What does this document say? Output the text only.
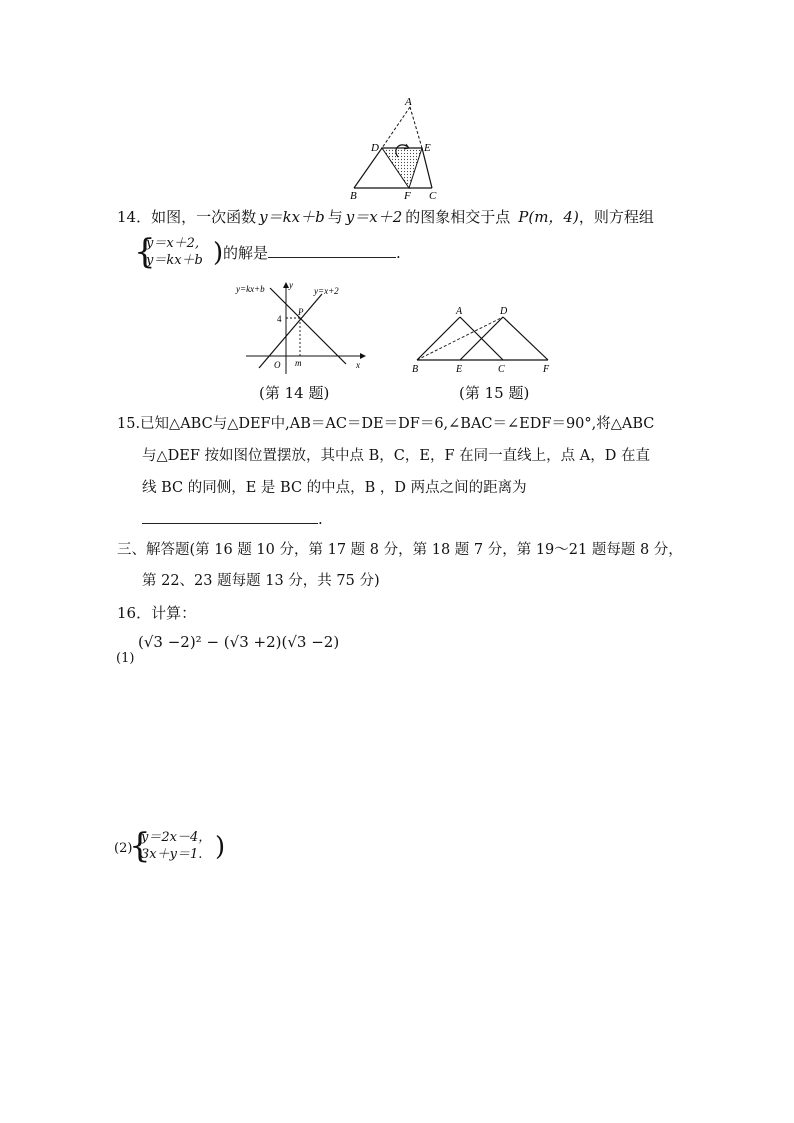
A
D	E
B	F C
14．如图，一次函数 y＝kx＋b 与 y＝x＋2 的图象相交于点 P(m，4)，则方程组
{
y＝x＋2,
y＝kx＋b ) 的解是	.
y=kx+b	y=x+2
y
x
O
4
m
P
(第 14 题)
A	D
B	E	C	F
(第 15 题)
15.已知△ABC与△DEF中,AB＝AC＝DE＝DF＝6,∠BAC＝∠EDF＝90°,将△ABC
与△DEF 按如图位置摆放，其中点 B，C，E，F 在同一直线上，点 A，D 在直
线 BC 的同侧，E 是 BC 的中点，B ，D 两点之间的距离为
.
三、解答题(第 16 题 10 分，第 17 题 8 分，第 18 题 7 分，第 19～21 题每题 8 分，
第 22、23 题每题 13 分，共 75 分)
16．计算：
(√3 −2)² − (√3 +2)(√3 −2)
(1)
(2)
{
y＝2x－4，
3x＋y＝1. )
